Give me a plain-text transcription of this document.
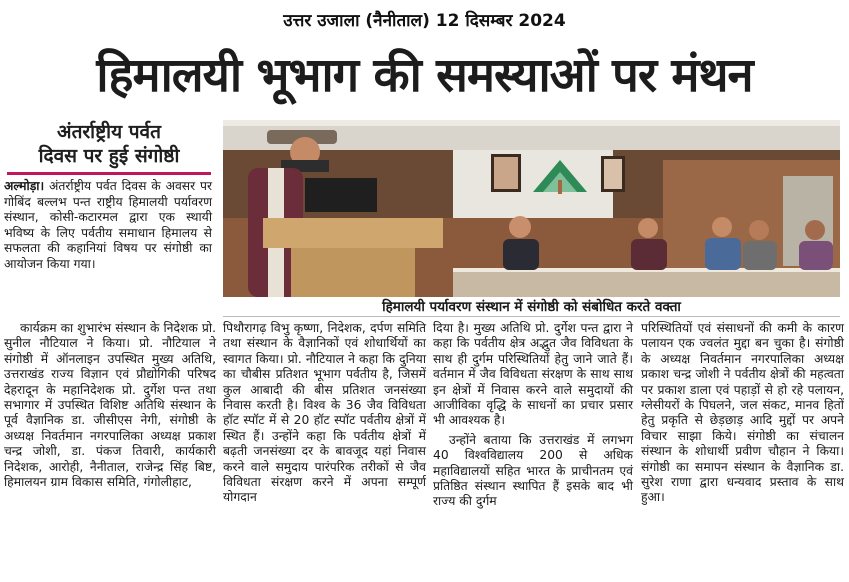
उत्तर उजाला (नैनीताल) 12 दिसम्बर 2024
हिमालयी भूभाग की समस्याओं पर मंथन
अंतर्राष्ट्रीय पर्वत
दिवस पर हुई संगोष्ठी

अल्मोड़ा। अंतर्राष्ट्रीय पर्वत दिवस के अवसर पर गोबिंद बल्लभ पन्त राष्ट्रीय हिमालयी पर्यावरण संस्थान, कोसी-कटारमल द्वारा एक स्थायी भविष्य के लिए पर्वतीय समाधान हिमालय से सफलता की कहानियां विषय पर संगोष्ठी का आयोजन किया गया।

हिमालयी पर्यावरण संस्थान में संगोष्ठी को संबोधित करते वक्ता

कार्यक्रम का शुभारंभ संस्थान के निदेशक प्रो. सुनील नौटियाल ने किया। प्रो. नौटियाल ने संगोष्ठी में ऑनलाइन उपस्थित मुख्य अतिथि, उत्तराखंड राज्य विज्ञान एवं प्रौद्योगिकी परिषद देहरादून के महानिदेशक प्रो. दुर्गेश पन्त तथा सभागार में उपस्थित विशिष्ट अतिथि संस्थान के पूर्व वैज्ञानिक डा. जीसीएस नेगी, संगोष्ठी के अध्यक्ष निवर्तमान नगरपालिका अध्यक्ष प्रकाश चन्द्र जोशी, डा. पंकज तिवारी, कार्यकारी निदेशक, आरोही, नैनीताल, राजेन्द्र सिंह बिष्ट, हिमालयन ग्राम विकास समिति, गंगोलीहाट,

पिथौरागढ़ विभु कृष्णा, निदेशक, दर्पण समिति तथा संस्थान के वैज्ञानिकों एवं शोधार्थियों का स्वागत किया। प्रो. नौटियाल ने कहा कि दुनिया का चौबीस प्रतिशत भूभाग पर्वतीय है, जिसमें कुल आबादी की बीस प्रतिशत जनसंख्या निवास करती है। विश्व के 36 जैव विविधता हॉट स्पॉट में से 20 हॉट स्पॉट पर्वतीय क्षेत्रों में स्थित हैं। उन्होंने कहा कि पर्वतीय क्षेत्रों में बढ़ती जनसंख्या दर के बावजूद यहां निवास करने वाले समुदाय पारंपरिक तरीकों से जैव विविधता संरक्षण करने में अपना सम्पूर्ण योगदान

दिया है। मुख्य अतिथि प्रो. दुर्गेश पन्त द्वारा ने कहा कि पर्वतीय क्षेत्र अद्भुत जैव विविधता के साथ ही दुर्गम परिस्थितियों हेतु जाने जाते हैं। वर्तमान में जैव विविधता संरक्षण के साथ साथ इन क्षेत्रों में निवास करने वाले समुदायों की आजीविका वृद्धि के साधनों का प्रचार प्रसार भी आवश्यक है।

उन्होंने बताया कि उत्तराखंड में लगभग 40 विश्वविद्यालय 200 से अधिक महाविद्यालयों सहित भारत के प्राचीनतम एवं प्रतिष्ठित संस्थान स्थापित हैं इसके बाद भी राज्य की दुर्गम

परिस्थितियों एवं संसाधनों की कमी के कारण पलायन एक ज्वलंत मुद्दा बन चुका है। संगोष्ठी के अध्यक्ष निवर्तमान नगरपालिका अध्यक्ष प्रकाश चन्द्र जोशी ने पर्वतीय क्षेत्रों की महत्वता पर प्रकाश डाला एवं पहाड़ों से हो रहे पलायन, ग्लेसीयरों के पिघलने, जल संकट, मानव हितों हेतु प्रकृति से छेड़छाड़ आदि मुद्दों पर अपने विचार साझा किये। संगोष्ठी का संचालन संस्थान के शोधार्थी प्रवीण चौहान ने किया। संगोष्ठी का समापन संस्थान के वैज्ञानिक डा. सुरेश राणा द्वारा धन्यवाद प्रस्ताव के साथ हुआ।
